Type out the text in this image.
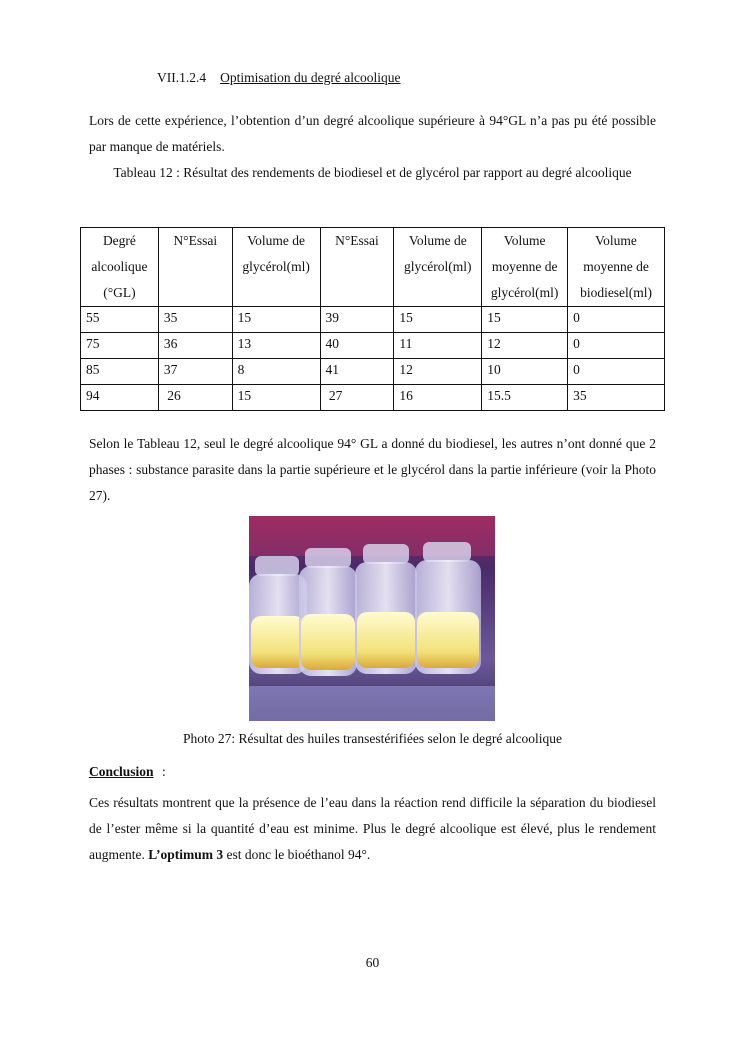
VII.1.2.4 Optimisation du degré alcoolique
Lors de cette expérience, l’obtention d’un degré alcoolique supérieure à 94°GL n’a pas pu été possible par manque de matériels.
Tableau 12 : Résultat des rendements de biodiesel et de glycérol par rapport au degré alcoolique
Degré alcoolique (°GL)	N°Essai	Volume de glycérol(ml)	N°Essai	Volume de glycérol(ml)	Volume moyenne de glycérol(ml)	Volume moyenne de biodiesel(ml)
55	35	15	39	15	15	0
75	36	13	40	11	12	0
85	37	8	41	12	10	0
94	26	15	27	16	15.5	35
Selon le Tableau 12, seul le degré alcoolique 94° GL a donné du biodiesel, les autres n’ont donné que 2 phases : substance parasite dans la partie supérieure et le glycérol dans la partie inférieure (voir la Photo 27).
Photo 27: Résultat des huiles transestérifiées selon le degré alcoolique
Conclusion :
Ces résultats montrent que la présence de l’eau dans la réaction rend difficile la séparation du biodiesel de l’ester même si la quantité d’eau est minime. Plus le degré alcoolique est élevé, plus le rendement augmente. L’optimum 3 est donc le bioéthanol 94°.
60
